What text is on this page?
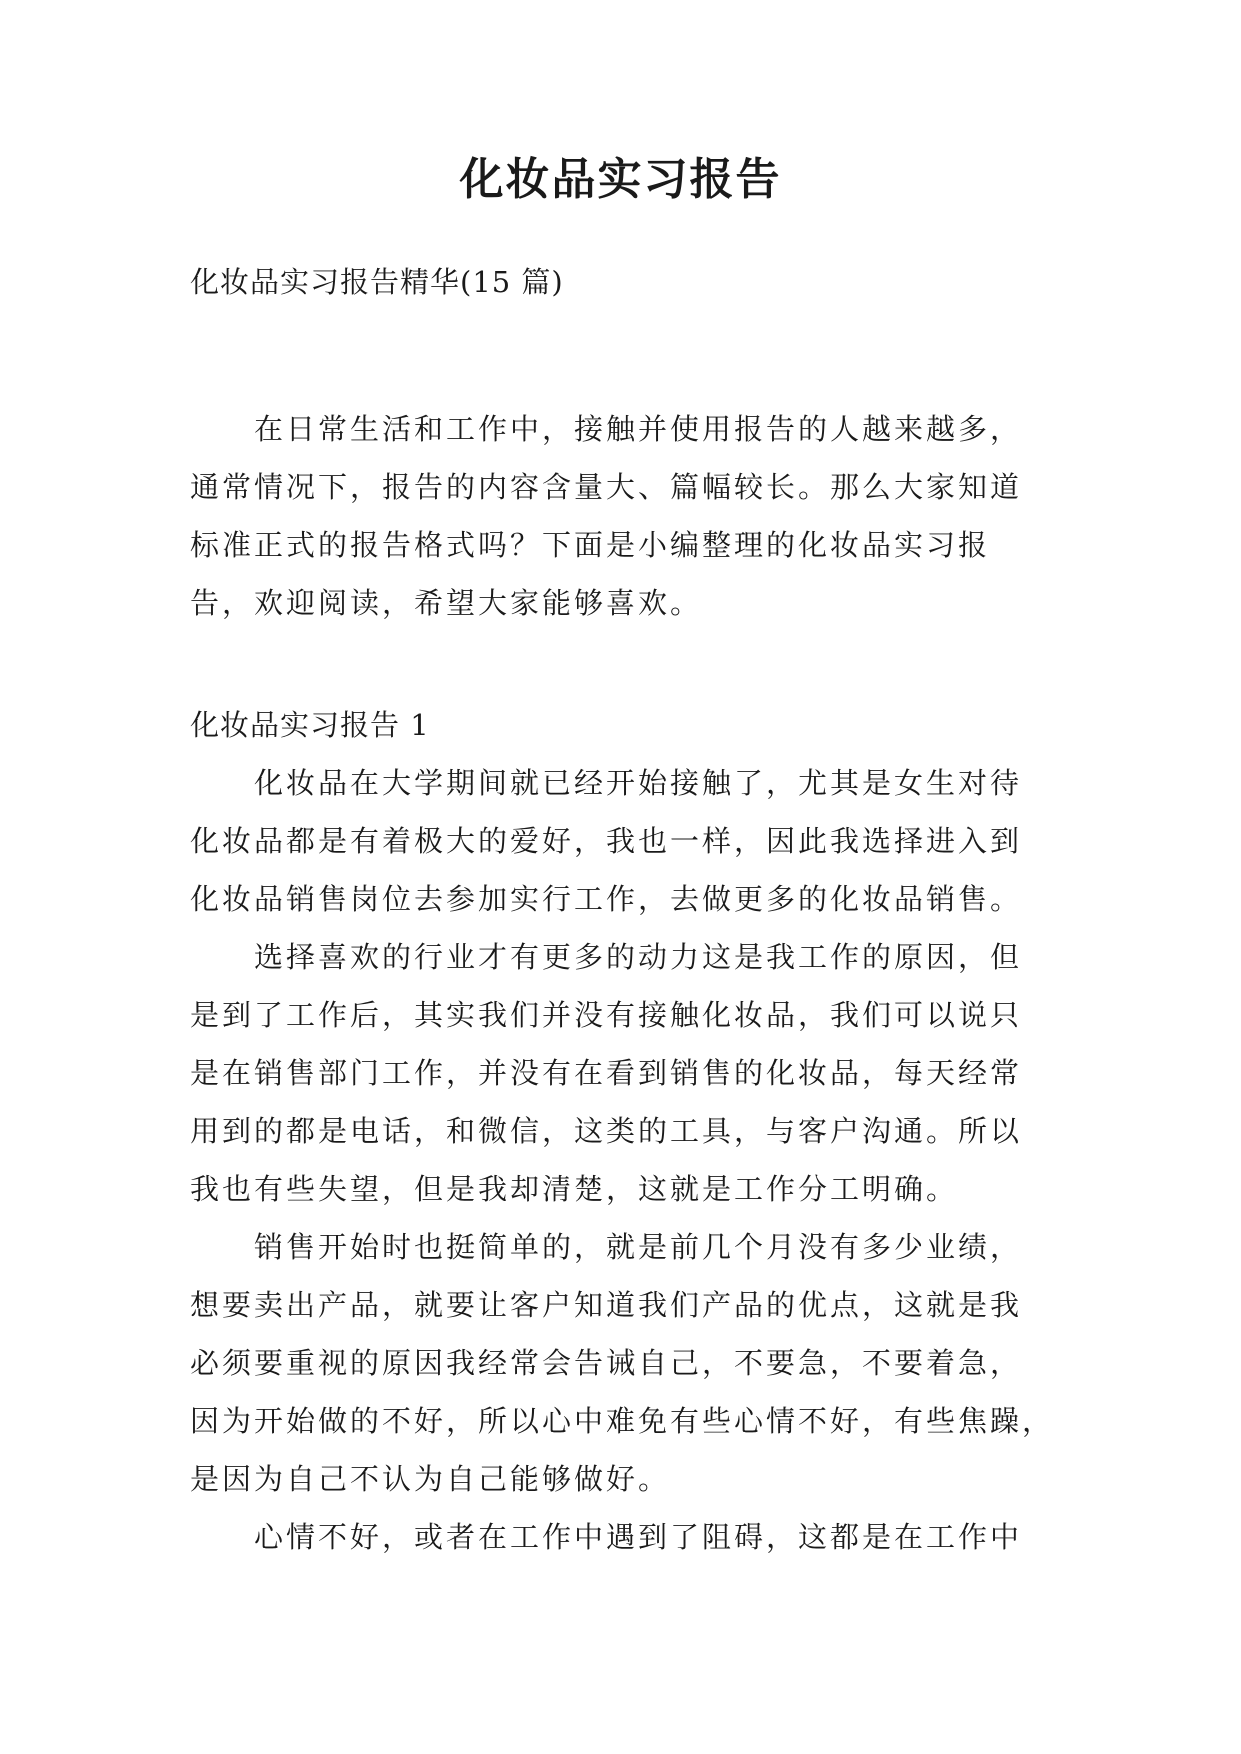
化妆品实习报告

化妆品实习报告精华(15 篇)

　　在日常生活和工作中，接触并使用报告的人越来越多，
通常情况下，报告的内容含量大、篇幅较长。那么大家知道
标准正式的报告格式吗？下面是小编整理的化妆品实习报
告，欢迎阅读，希望大家能够喜欢。
化妆品实习报告 1
　　化妆品在大学期间就已经开始接触了，尤其是女生对待
化妆品都是有着极大的爱好，我也一样，因此我选择进入到
化妆品销售岗位去参加实行工作，去做更多的化妆品销售。
　　选择喜欢的行业才有更多的动力这是我工作的原因，但
是到了工作后，其实我们并没有接触化妆品，我们可以说只
是在销售部门工作，并没有在看到销售的化妆品，每天经常
用到的都是电话，和微信，这类的工具，与客户沟通。所以
我也有些失望，但是我却清楚，这就是工作分工明确。
　　销售开始时也挺简单的，就是前几个月没有多少业绩，
想要卖出产品，就要让客户知道我们产品的优点，这就是我
必须要重视的原因我经常会告诫自己，不要急，不要着急，
因为开始做的不好，所以心中难免有些心情不好，有些焦躁，
是因为自己不认为自己能够做好。
　　心情不好，或者在工作中遇到了阻碍，这都是在工作中
